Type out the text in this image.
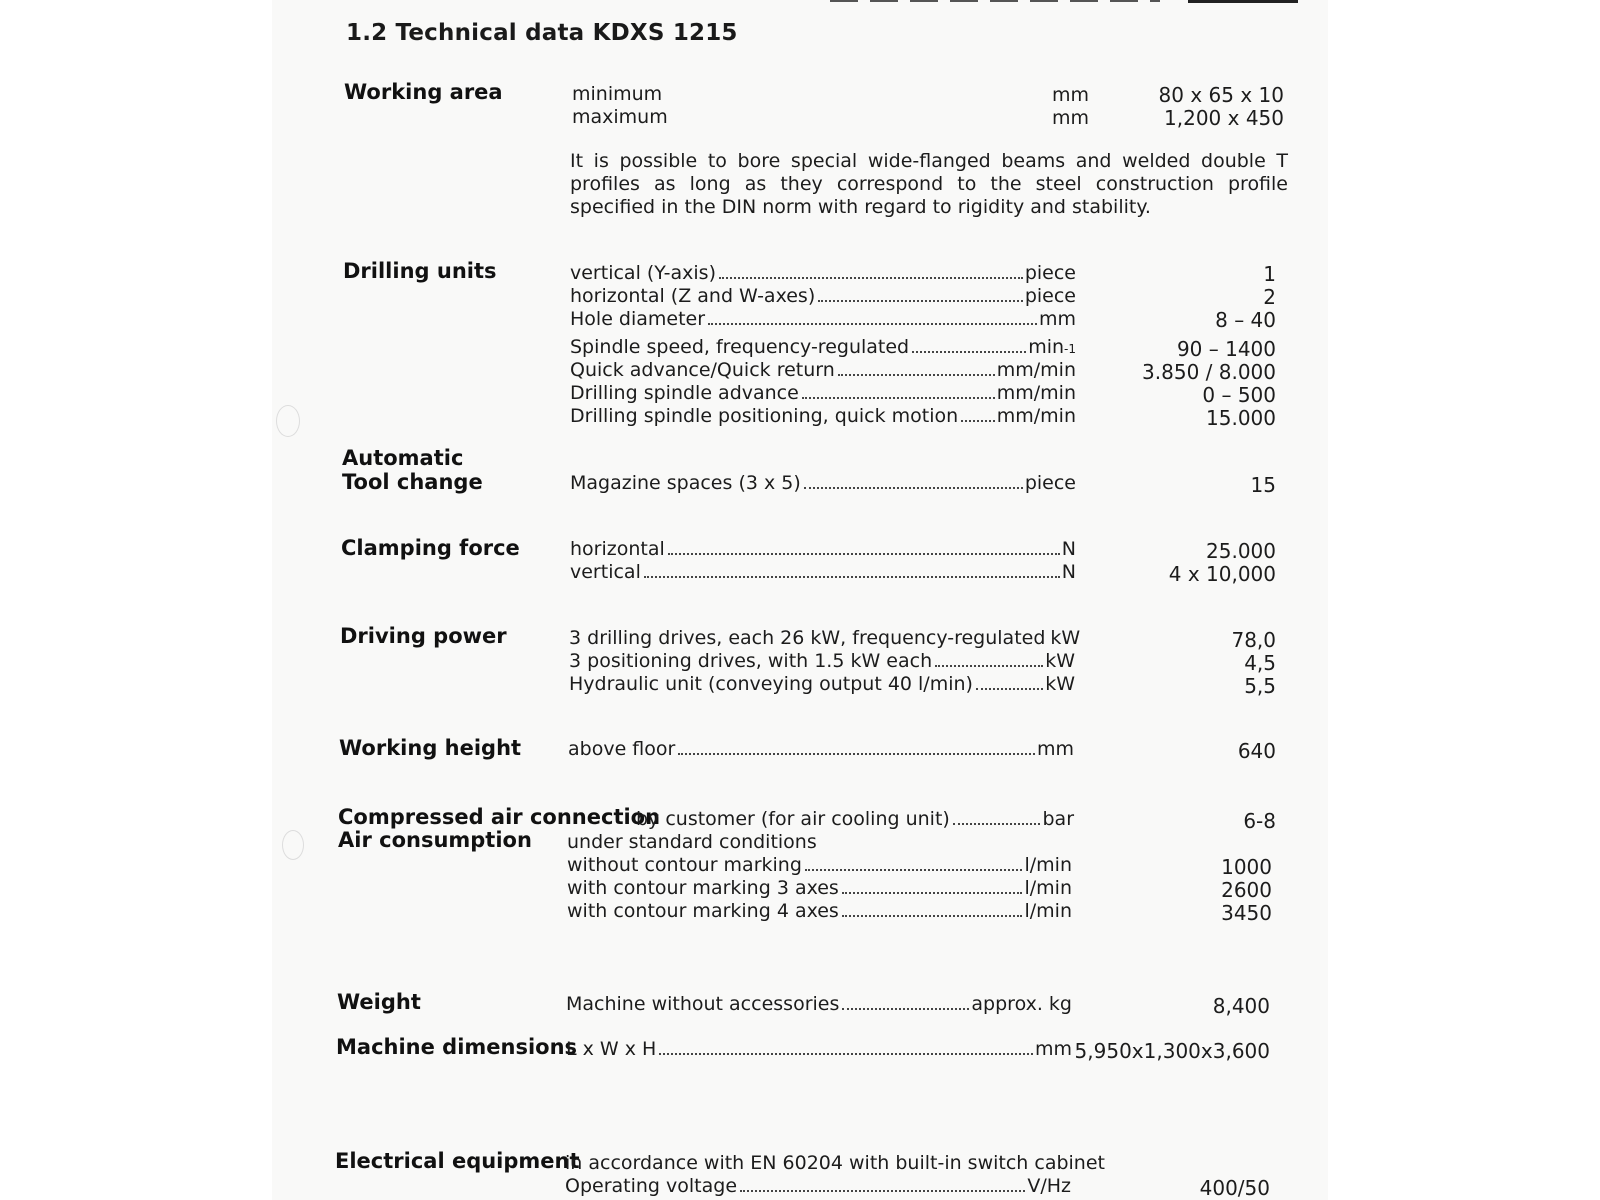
1.2 Technical data KDXS 1215
Working area	minimum	mm	80 x 65 x 10
maximum	mm	1,200 x 450
It is possible to bore special wide-flanged beams and welded double T profiles as long as they correspond to the steel construction profile specified in the DIN norm with regard to rigidity and stability.
Drilling units	vertical (Y-axis)	piece	1
horizontal (Z and W-axes)	piece	2
Hole diameter	mm	8 – 40
Spindle speed, frequency-regulated	min -1	90 – 1400
Quick advance/Quick return	mm/min	3.850 / 8.000
Drilling spindle advance	mm/min	0 – 500
Drilling spindle positioning, quick motion mm/min	15.000
Automatic
Tool change	Magazine spaces (3 x 5)	piece	15
Clamping force	horizontal	N	25.000
vertical	N	4 x 10,000
Driving power	3 drilling drives, each 26 kW, frequency-regulated kW	78,0
3 positioning drives, with 1.5 kW each	kW	4,5
Hydraulic unit (conveying output 40 l/min)	kW	5,5
Working height above floor	mm	640
Compressed air connection
Air consumption
by customer (for air cooling unit)	bar	6-8
under standard conditions
without contour marking	l/min	1000
with contour marking 3 axes	l/min	2600
with contour marking 4 axes	l/min	3450
Weight	Machine without accessories	approx. kg	8,400
Machine dimensions
L x W x H	mm 5,950x1,300x3,600
Electrical equipment
in accordance with EN 60204 with built-in switch cabinet
Operating voltage	V/Hz	400/50
